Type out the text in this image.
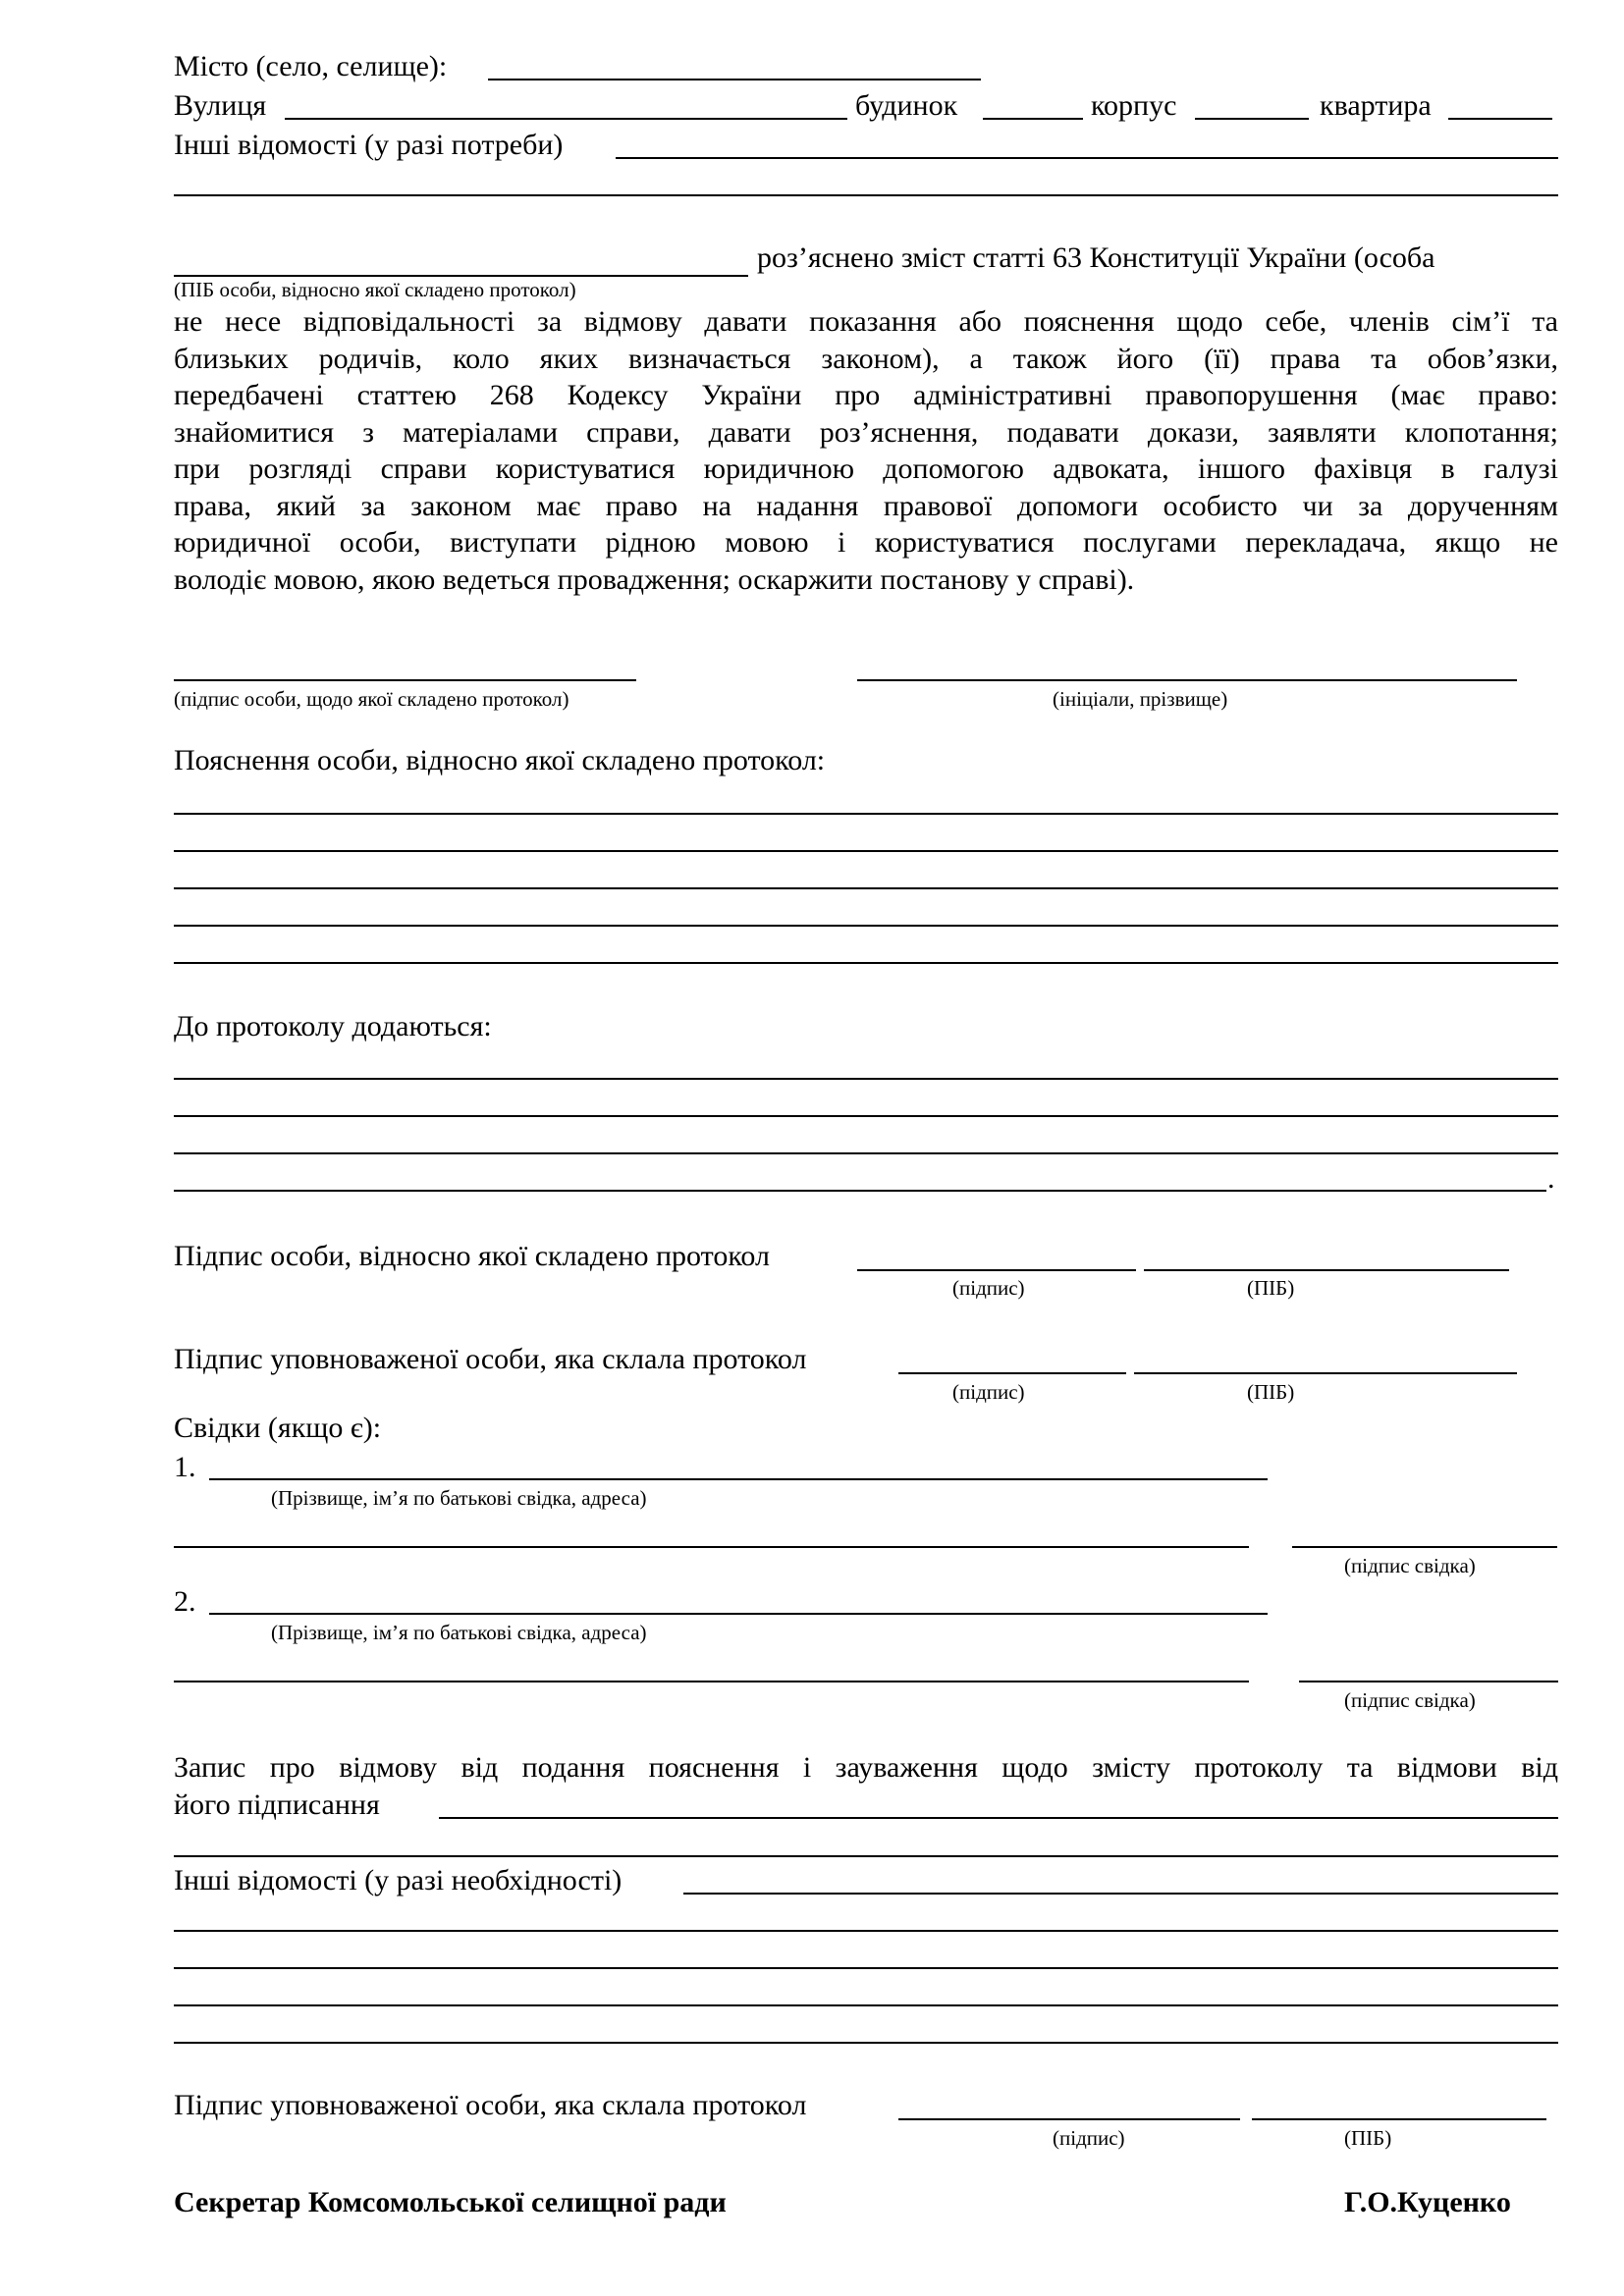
Місто (село, селище):
Вулиця	будинок	корпус	квартира
Інші відомості (у разі потреби)
роз’яснено зміст статті 63 Конституції України (особа
(ПІБ особи, відносно якої складено протокол)
не несе відповідальності за відмову давати показання або пояснення щодо себе, членів сім’ї та
близьких родичів, коло яких визначається законом), а також його (її) права та обов’язки,
передбачені статтею 268 Кодексу України про адміністративні правопорушення (має право:
знайомитися з матеріалами справи, давати роз’яснення, подавати докази, заявляти клопотання;
при розгляді справи користуватися юридичною допомогою адвоката, іншого фахівця в галузі
права, який за законом має право на надання правової допомоги особисто чи за дорученням
юридичної особи, виступати рідною мовою і користуватися послугами перекладача, якщо не
володіє мовою, якою ведеться провадження; оскаржити постанову у справі).
(підпис особи, щодо якої складено протокол)	(ініціали, прізвище)
Пояснення особи, відносно якої складено протокол:
До протоколу додаються:
.
Підпис особи, відносно якої складено протокол
(підпис)	(ПІБ)
Підпис уповноваженої особи, яка склала протокол
(підпис)	(ПІБ)
Свідки (якщо є):
1.
(Прізвище, ім’я по батькові свідка, адреса)
(підпис свідка)
2.
(Прізвище, ім’я по батькові свідка, адреса)
(підпис свідка)
Запис про відмову від подання пояснення і зауваження щодо змісту протоколу та відмови від
його підписання
Інші відомості (у разі необхідності)
Підпис уповноваженої особи, яка склала протокол
(підпис)	(ПІБ)
Секретар Комсомольської селищної ради	Г.О.Куценко
